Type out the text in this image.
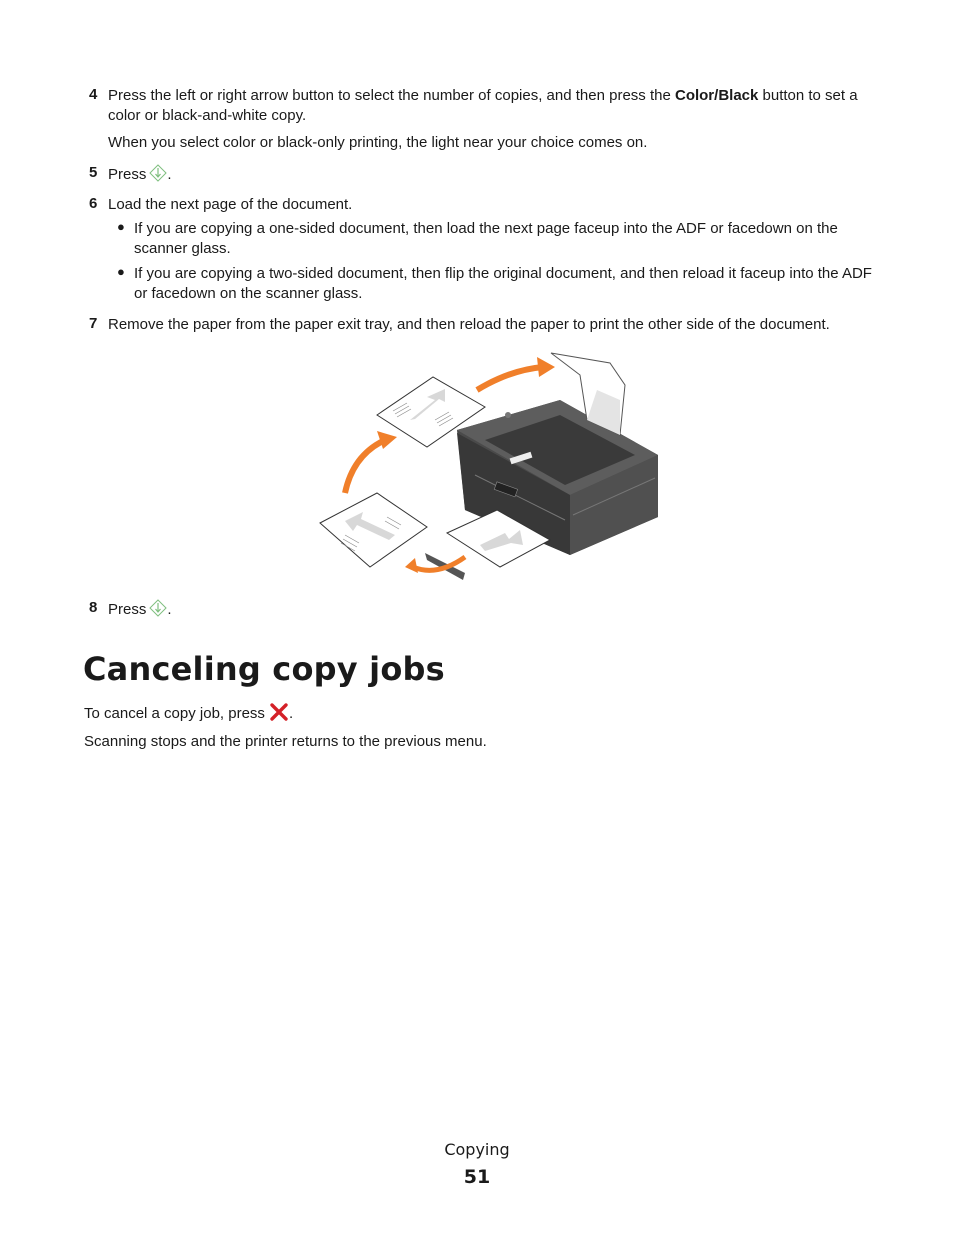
4 Press the left or right arrow button to select the number of copies, and then press the Color/Black button to set a color or black-and-white copy.
When you select color or black-only printing, the light near your choice comes on.
5 Press .
6 Load the next page of the document.
● If you are copying a one-sided document, then load the next page faceup into the ADF or facedown on the scanner glass.
● If you are copying a two-sided document, then flip the original document, and then reload it faceup into the ADF or facedown on the scanner glass.
7 Remove the paper from the paper exit tray, and then reload the paper to print the other side of the document.
8 Press .
Canceling copy jobs
To cancel a copy job, press .
Scanning stops and the printer returns to the previous menu.
Copying
51
